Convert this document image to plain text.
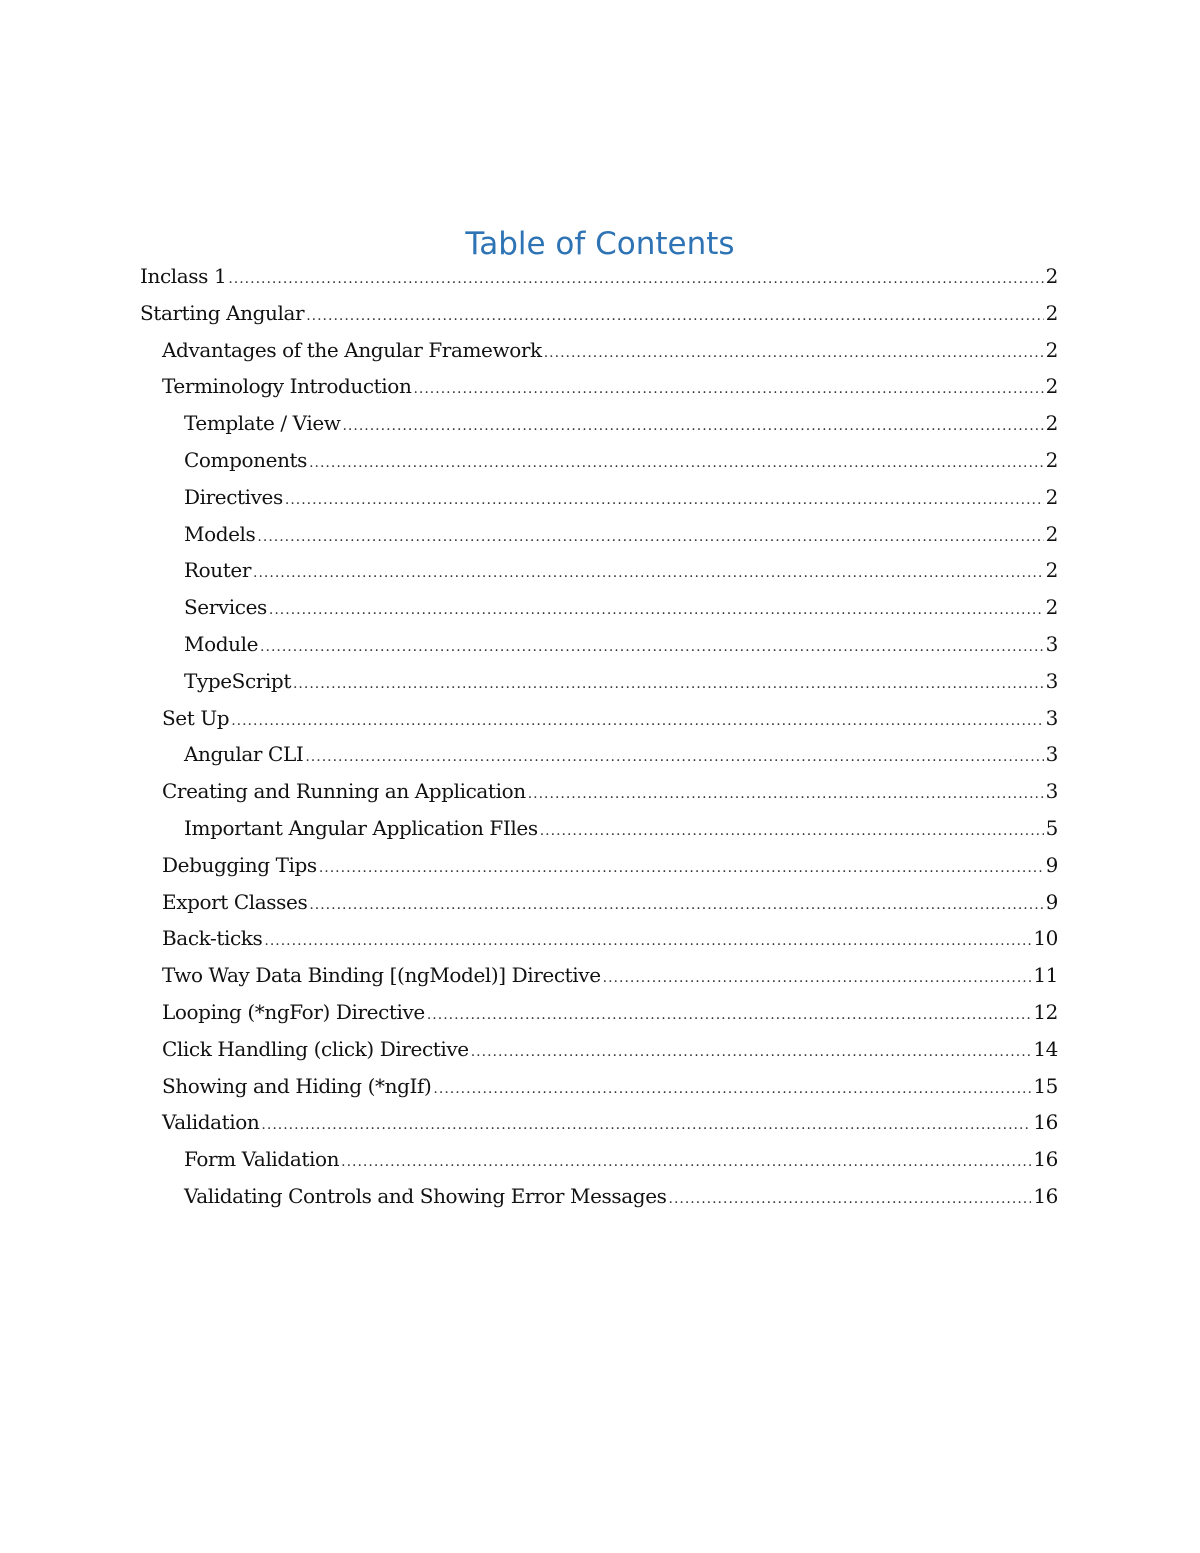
Table of Contents
Inclass 1 .....	2
Starting Angular .....	2
Advantages of the Angular Framework .....	2
Terminology Introduction .....	2
Template / View .....	2
Components .....	2
Directives .....	2
Models .....	2
Router .....	2
Services .....	2
Module .....	3
TypeScript .....	3
Set Up .....	3
Angular CLI .....	3
Creating and Running an Application .....	3
Important Angular Application FIles .....	5
Debugging Tips .....	9
Export Classes .....	9
Back-ticks .....	10
Two Way Data Binding [(ngModel)] Directive .....	11
Looping (*ngFor) Directive .....	12
Click Handling (click) Directive .....	14
Showing and Hiding (*ngIf) .....	15
Validation .....	16
Form Validation .....	16
Validating Controls and Showing Error Messages .....	16
